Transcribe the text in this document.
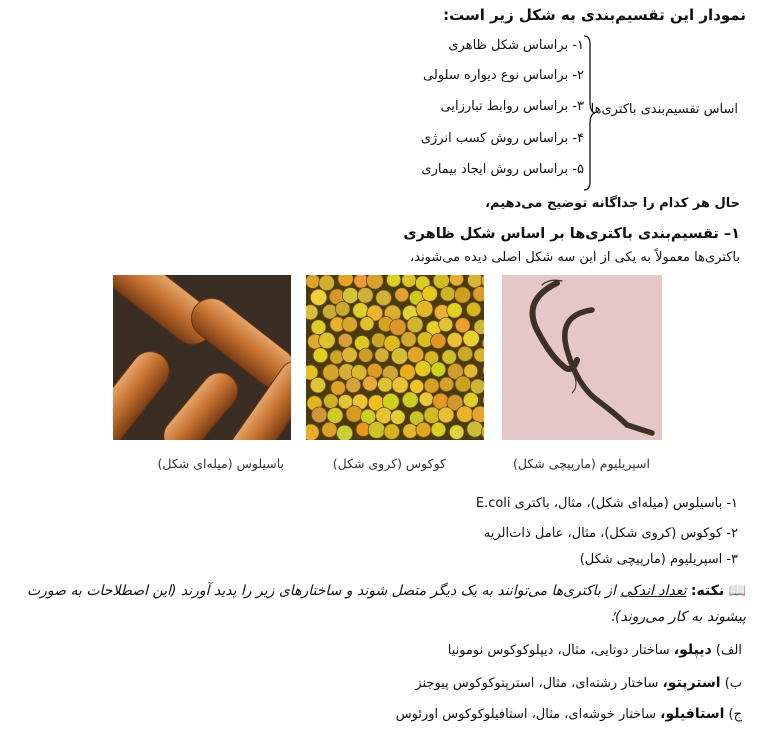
نمودار این تقسیم‌بندی به شکل زیر است:
۱- براساس شکل ظاهری
۲- براساس نوع دیواره سلولی
۳- براساس روابط تبارزایی
۴- براساس روش کسب انرژی
۵- براساس روش ایجاد بیماری
اساس تقسیم‌بندی باکتری‌ها
حال هر کدام را جداگانه توضیح می‌دهیم،
۱– تقسیم‌بندی باکتری‌ها بر اساس شکل ظاهری
باکتری‌ها معمولاً به یکی از این سه شکل اصلی دیده می‌شوند،
باسیلوس (میله‌ای شکل)	کوکوس (کروی شکل)	اسپریلیوم (مارپیچی شکل)
۱- باسیلوس (میله‌ای شکل)، مثال، باکتری E.coli
۲- کوکوس (کروی شکل)، مثال، عامل ذات‌الریه
۳- اسپریلیوم (مارپیچی شکل)
📖 نکته: تعداد اندکی از باکتری‌ها می‌توانند به یک دیگر متصل شوند و ساختارهای زیر را پدید آورند (این اصطلاحات به صورت پیشوند به کار می‌روند)؛
الف) دیپلو، ساختار دوتایی، مثال، دیپلوکوکوس نومونیا
ب) استرپتو، ساختار رشته‌ای، مثال، استرپتوکوکوس پیوجنز
ج) استافیلو، ساختار خوشه‌ای، مثال، استافیلوکوکوس اورئوس
